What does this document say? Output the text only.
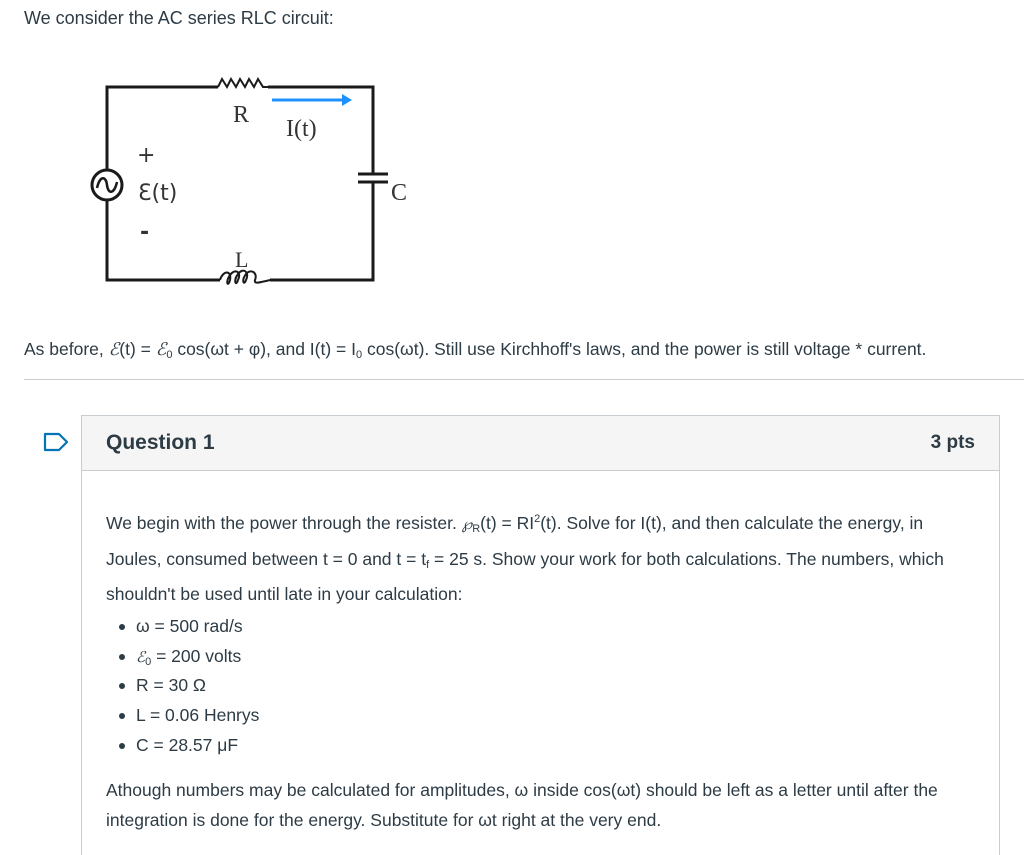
We consider the AC series RLC circuit:
R
I(t)
+
Ɛ(t)
-
C
L
As before, ℰ(t) = ℰ$_0$ cos(ωt + φ), and $I(t) = I_0$ cos(ωt). Still use Kirchhoff's laws, and the power is still voltage * current.
Question 1	3 pts

We begin with the power through the resister. $℘_R(t) = RI^2(t)$. Solve for I(t), and then calculate the energy, in Joules, consumed between t = 0 and $t = t_f = 25$ s. Show your work for both calculations. The numbers, which shouldn't be used until late in your calculation:

ω = 500 rad/s
ℰ$_0$ = 200 volts
R = 30 Ω
L = 0.06 Henrys
C = 28.57 μF

Athough numbers may be calculated for amplitudes, ω inside cos(ωt) should be left as a letter until after the integration is done for the energy. Substitute for ωt right at the very end.
